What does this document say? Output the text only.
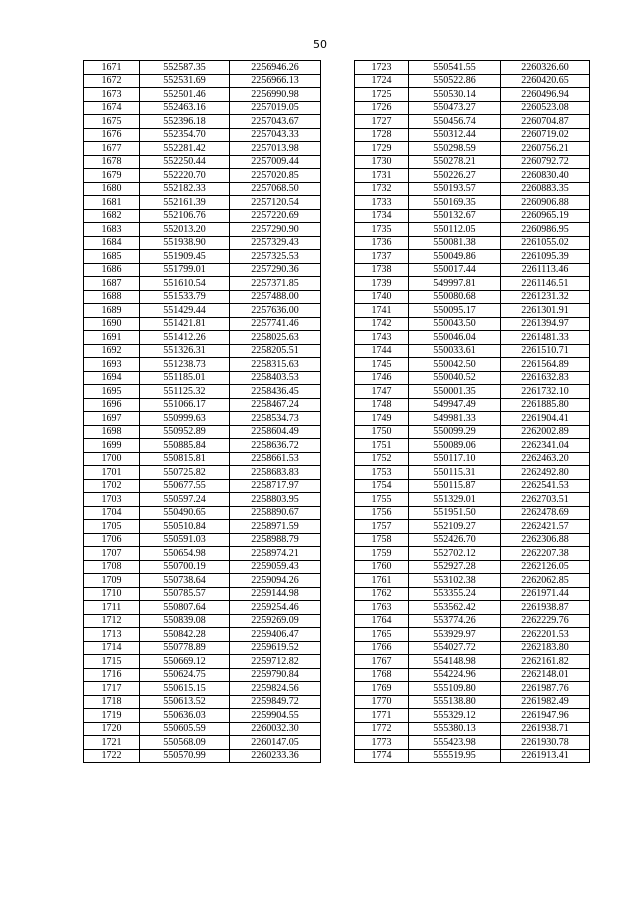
50
1671	552587.35	2256946.26
1672	552531.69	2256966.13
1673	552501.46	2256990.98
1674	552463.16	2257019.05
1675	552396.18	2257043.67
1676	552354.70	2257043.33
1677	552281.42	2257013.98
1678	552250.44	2257009.44
1679	552220.70	2257020.85
1680	552182.33	2257068.50
1681	552161.39	2257120.54
1682	552106.76	2257220.69
1683	552013.20	2257290.90
1684	551938.90	2257329.43
1685	551909.45	2257325.53
1686	551799.01	2257290.36
1687	551610.54	2257371.85
1688	551533.79	2257488.00
1689	551429.44	2257636.00
1690	551421.81	2257741.46
1691	551412.26	2258025.63
1692	551326.31	2258205.51
1693	551238.73	2258315.63
1694	551185.01	2258403.53
1695	551125.32	2258436.45
1696	551066.17	2258467.24
1697	550999.63	2258534.73
1698	550952.89	2258604.49
1699	550885.84	2258636.72
1700	550815.81	2258661.53
1701	550725.82	2258683.83
1702	550677.55	2258717.97
1703	550597.24	2258803.95
1704	550490.65	2258890.67
1705	550510.84	2258971.59
1706	550591.03	2258988.79
1707	550654.98	2258974.21
1708	550700.19	2259059.43
1709	550738.64	2259094.26
1710	550785.57	2259144.98
1711	550807.64	2259254.46
1712	550839.08	2259269.09
1713	550842.28	2259406.47
1714	550778.89	2259619.52
1715	550669.12	2259712.82
1716	550624.75	2259790.84
1717	550615.15	2259824.56
1718	550613.52	2259849.72
1719	550636.03	2259904.55
1720	550605.59	2260032.30
1721	550568.09	2260147.05
1722	550570.99	2260233.36
1723	550541.55	2260326.60
1724	550522.86	2260420.65
1725	550530.14	2260496.94
1726	550473.27	2260523.08
1727	550456.74	2260704.87
1728	550312.44	2260719.02
1729	550298.59	2260756.21
1730	550278.21	2260792.72
1731	550226.27	2260830.40
1732	550193.57	2260883.35
1733	550169.35	2260906.88
1734	550132.67	2260965.19
1735	550112.05	2260986.95
1736	550081.38	2261055.02
1737	550049.86	2261095.39
1738	550017.44	2261113.46
1739	549997.81	2261146.51
1740	550080.68	2261231.32
1741	550095.17	2261301.91
1742	550043.50	2261394.97
1743	550046.04	2261481.33
1744	550033.61	2261510.71
1745	550042.50	2261564.89
1746	550040.52	2261632.83
1747	550001.35	2261732.10
1748	549947.49	2261885.80
1749	549981.33	2261904.41
1750	550099.29	2262002.89
1751	550089.06	2262341.04
1752	550117.10	2262463.20
1753	550115.31	2262492.80
1754	550115.87	2262541.53
1755	551329.01	2262703.51
1756	551951.50	2262478.69
1757	552109.27	2262421.57
1758	552426.70	2262306.88
1759	552702.12	2262207.38
1760	552927.28	2262126.05
1761	553102.38	2262062.85
1762	553355.24	2261971.44
1763	553562.42	2261938.87
1764	553774.26	2262229.76
1765	553929.97	2262201.53
1766	554027.72	2262183.80
1767	554148.98	2262161.82
1768	554224.96	2262148.01
1769	555109.80	2261987.76
1770	555138.80	2261982.49
1771	555329.12	2261947.96
1772	555380.13	2261938.71
1773	555423.98	2261930.78
1774	555519.95	2261913.41
